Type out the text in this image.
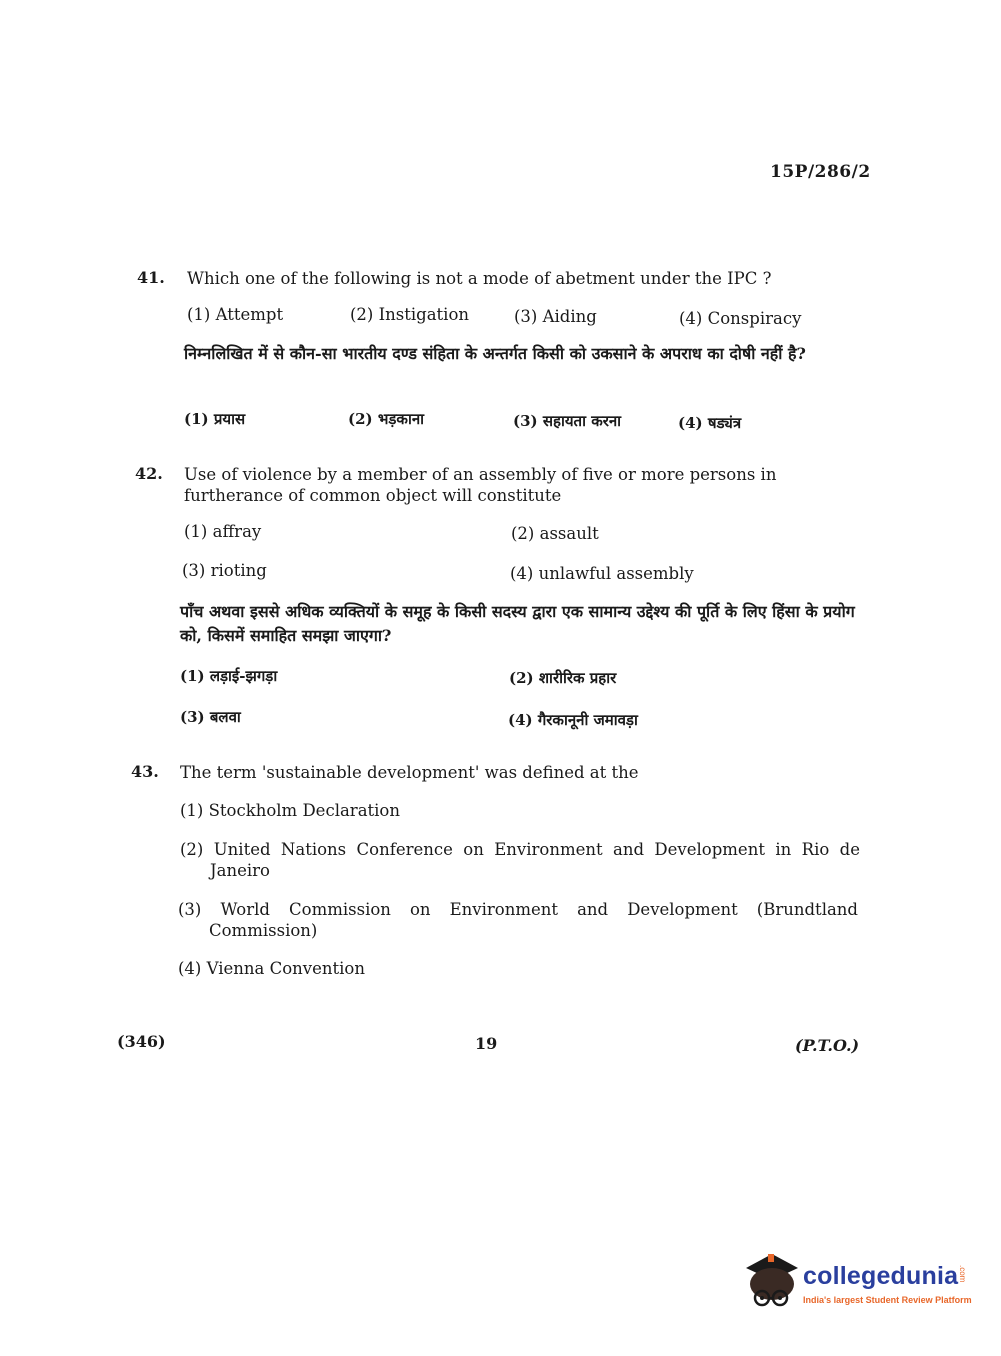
15P/286/2
41. Which one of the following is not a mode of abetment under the IPC ?
(1) Attempt	(2) Instigation	(3) Aiding	(4) Conspiracy
निम्नलिखित में से कौन-सा भारतीय दण्ड संहिता के अन्तर्गत किसी को उकसाने के अपराध का दोषी नहीं है?
(1) प्रयास	(2) भड़काना	(3) सहायता करना	(4) षड्यंत्र
42. Use of violence by a member of an assembly of five or more persons in furtherance of common object will constitute
(1) affray	(2) assault
(3) rioting	(4) unlawful assembly
पाँच अथवा इससे अधिक व्यक्तियों के समूह के किसी सदस्य द्वारा एक सामान्य उद्देश्य की पूर्ति के लिए हिंसा के प्रयोग को, किसमें समाहित समझा जाएगा?
(1) लड़ाई-झगड़ा	(2) शारीरिक प्रहार
(3) बलवा	(4) गैरकानूनी जमावड़ा
43. The term 'sustainable development' was defined at the
(1) Stockholm Declaration
(2) United Nations Conference on Environment and Development in Rio de Janeiro
(3) World Commission on Environment and Development (Brundtland Commission)
(4) Vienna Convention
(346)	19	(P.T.O.)
collegedunia .com
India's largest Student Review Platform
